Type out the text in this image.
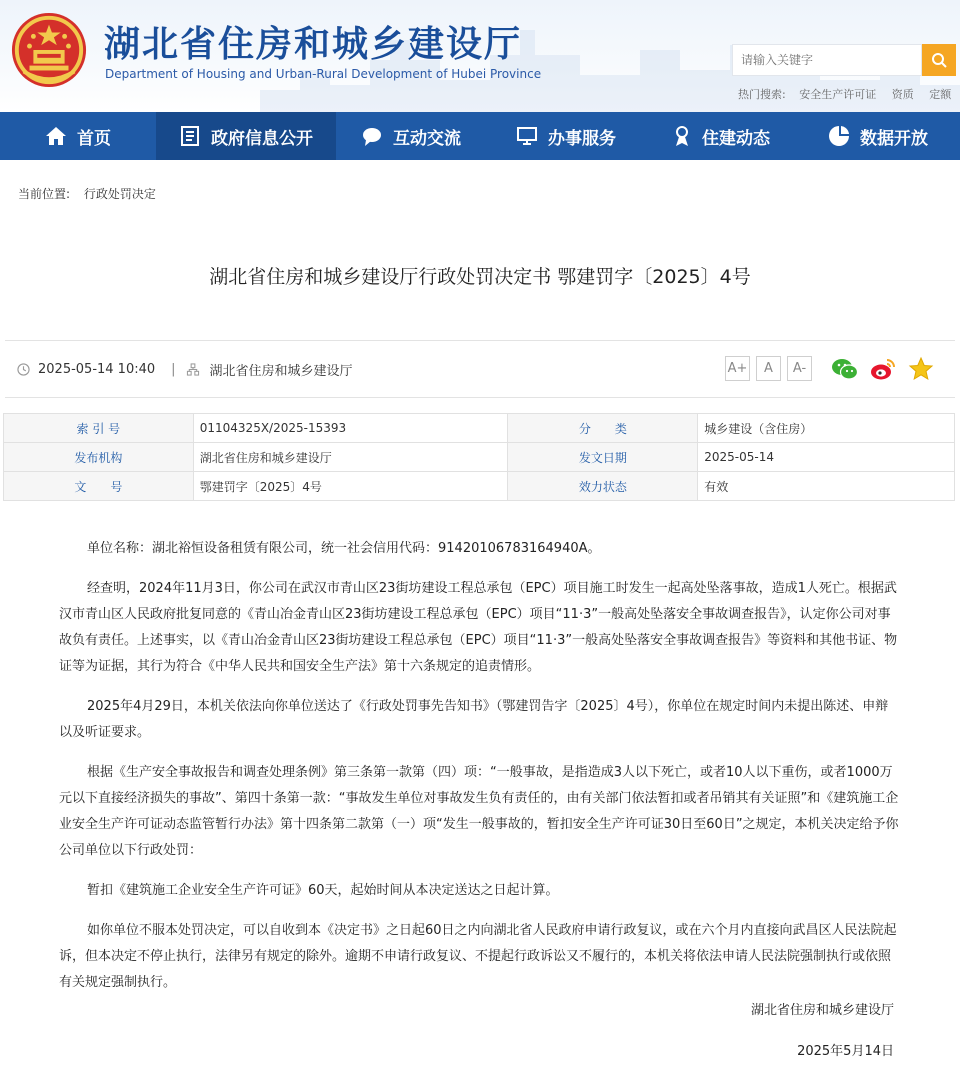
湖北省住房和城乡建设厅
Department of Housing and Urban-Rural Development of Hubei Province
请输入关键字
热门搜索: 安全生产许可证 资质 定额
首页	政府信息公开	互动交流	办事服务	住建动态	数据开放
当前位置: 行政处罚决定
湖北省住房和城乡建设厅行政处罚决定书 鄂建罚字〔2025〕4号
2025-05-14 10:40 |	湖北省住房和城乡建设厅	A+	A	A-
索 引 号	01104325X/2025-15393	分　　类	城乡建设（含住房）
发布机构	湖北省住房和城乡建设厅	发文日期	2025-05-14
文　　号	鄂建罚字〔2025〕4号	效力状态	有效

单位名称：湖北裕恒设备租赁有限公司，统一社会信用代码：91420106783164940A。

经查明，2024年11月3日，你公司在武汉市青山区23街坊建设工程总承包（EPC）项目施工时发生一起高处坠落事故，造成1人死亡。根据武汉市青山区人民政府批复同意的《青山冶金青山区23街坊建设工程总承包（EPC）项目“11·3”一般高处坠落安全事故调查报告》，认定你公司对事故负有责任。上述事实，以《青山冶金青山区23街坊建设工程总承包（EPC）项目“11·3”一般高处坠落安全事故调查报告》等资料和其他书证、物证等为证据，其行为符合《中华人民共和国安全生产法》第十六条规定的追责情形。

2025年4月29日，本机关依法向你单位送达了《行政处罚事先告知书》（鄂建罚告字〔2025〕4号），你单位在规定时间内未提出陈述、申辩以及听证要求。

根据《生产安全事故报告和调查处理条例》第三条第一款第（四）项：“一般事故，是指造成3人以下死亡，或者10人以下重伤，或者1000万元以下直接经济损失的事故”、第四十条第一款：“事故发生单位对事故发生负有责任的，由有关部门依法暂扣或者吊销其有关证照”和《建筑施工企业安全生产许可证动态监管暂行办法》第十四条第二款第（一）项“发生一般事故的，暂扣安全生产许可证30日至60日”之规定，本机关决定给予你公司单位以下行政处罚：

暂扣《建筑施工企业安全生产许可证》60天，起始时间从本决定送达之日起计算。

如你单位不服本处罚决定，可以自收到本《决定书》之日起60日之内向湖北省人民政府申请行政复议，或在六个月内直接向武昌区人民法院起诉，但本决定不停止执行，法律另有规定的除外。逾期不申请行政复议、不提起行政诉讼又不履行的，本机关将依法申请人民法院强制执行或依照有关规定强制执行。

湖北省住房和城乡建设厅
2025年5月14日
